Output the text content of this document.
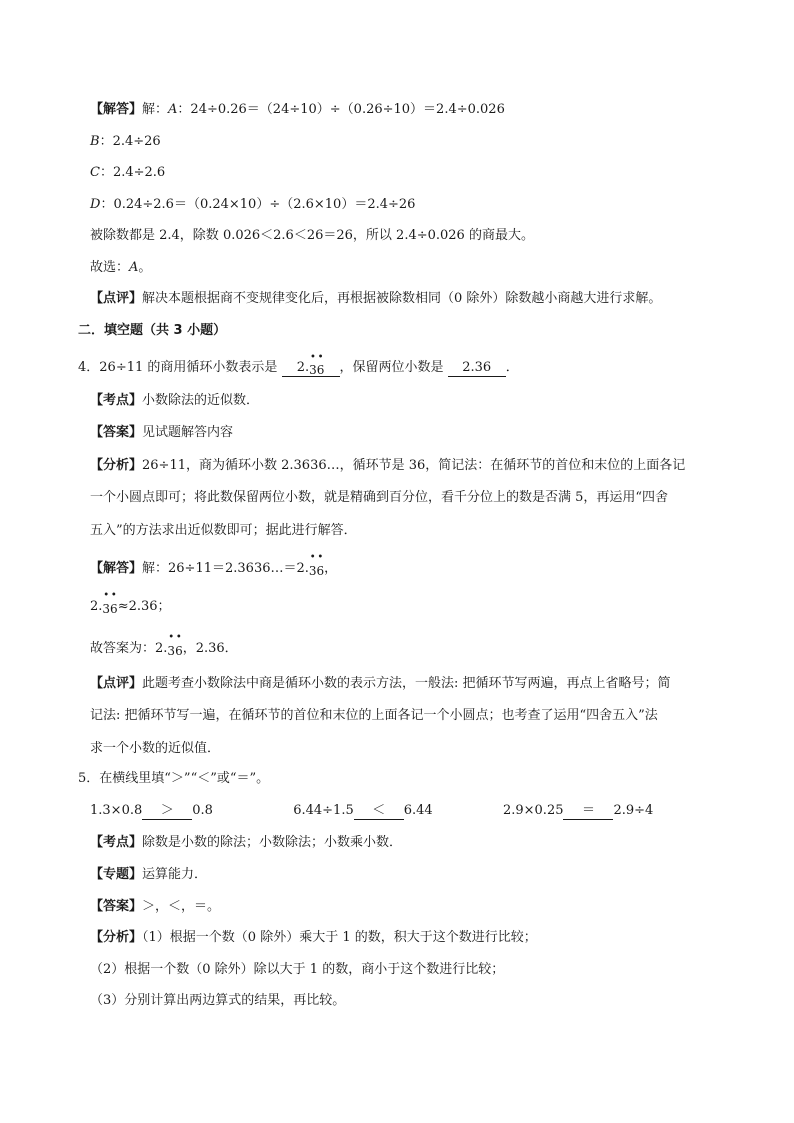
【解答】解：A：24÷0.26＝（24÷10）÷（0.26÷10）＝2.4÷0.026
B：2.4÷26
C：2.4÷2.6
D：0.24÷2.6＝（0.24×10）÷（2.6×10）＝2.4÷26
被除数都是 2.4，除数 0.026＜2.6＜26＝26，所以 2.4÷0.026 的商最大。
故选：A。
【点评】解决本题根据商不变规律变化后，再根据被除数相同（0 除外）除数越小商越大进行求解。
二．填空题（共 3 小题）
4．26÷11 的商用循环小数表示是 2.
•
3
•
6 ，保留两位小数是 2.36 ．
【考点】小数除法的近似数．
【答案】见试题解答内容
【分析】26÷11，商为循环小数 2.3636…，循环节是 36，简记法：在循环节的首位和末位的上面各记
一个小圆点即可；将此数保留两位小数，就是精确到百分位，看千分位上的数是否满 5，再运用“四舍
五入”的方法求出近似数即可；据此进行解答．
【解答】解：26÷11＝2.3636…＝2.
•
3
•
6，
2.
•
3
•
6≈2.36；
故答案为：2.
•
3
•
6，2.36．
【点评】此题考查小数除法中商是循环小数的表示方法，一般法: 把循环节写两遍，再点上省略号；简
记法: 把循环节写一遍，在循环节的首位和末位的上面各记一个小圆点；也考查了运用“四舍五入”法
求一个小数的近似值．
5．在横线里填“＞”“＜”或“＝”。
1.3×0.8 ＞ 0.8	6.44÷1.5 ＜ 6.44	2.9×0.25 ＝ 2.9÷4
【考点】除数是小数的除法；小数除法；小数乘小数．
【专题】运算能力．
【答案】＞，＜，＝。
【分析】（1）根据一个数（0 除外）乘大于 1 的数，积大于这个数进行比较；
（2）根据一个数（0 除外）除以大于 1 的数，商小于这个数进行比较；
（3）分别计算出两边算式的结果，再比较。
